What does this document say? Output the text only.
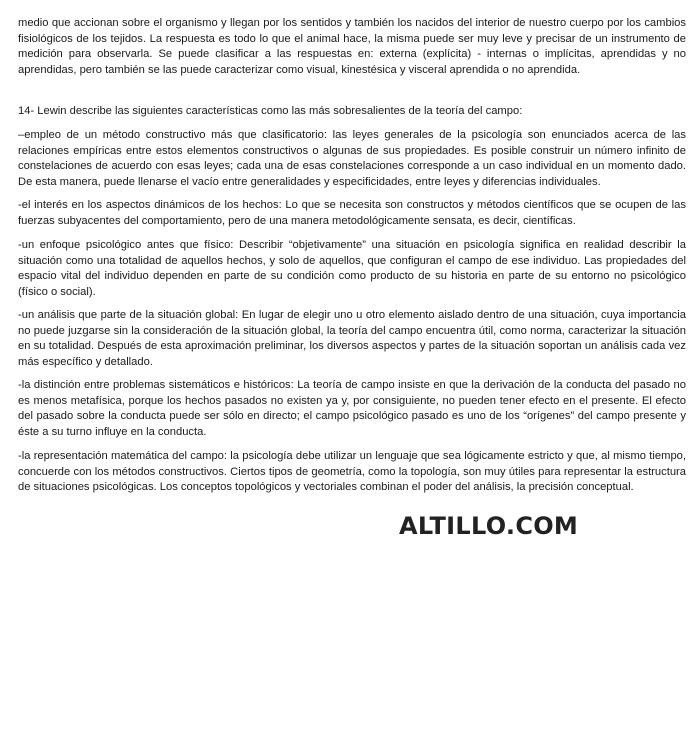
medio que accionan sobre el organismo y llegan por los sentidos y también los nacidos del interior de nuestro cuerpo por los cambios fisiológicos de los tejidos. La respuesta es todo lo que el animal hace, la misma puede ser muy leve y precisar de un instrumento de medición para observarla. Se puede clasificar a las respuestas en: externa (explícita) - internas o implícitas, aprendidas y no aprendidas, pero también se las puede caracterizar como visual, kinestésica y visceral aprendida o no aprendida.

14- Lewin describe las siguientes características como las más sobresalientes de la teoría del campo:

–empleo de un método constructivo más que clasificatorio: las leyes generales de la psicología son enunciados acerca de las relaciones empíricas entre estos elementos constructivos o algunas de sus propiedades. Es posible construir un número infinito de constelaciones de acuerdo con esas leyes; cada una de esas constelaciones corresponde a un caso individual en un momento dado. De esta manera, puede llenarse el vacío entre generalidades y especificidades, entre leyes y diferencias individuales.

-el interés en los aspectos dinámicos de los hechos: Lo que se necesita son constructos y métodos científicos que se ocupen de las fuerzas subyacentes del comportamiento, pero de una manera metodológicamente sensata, es decir, científicas.

-un enfoque psicológico antes que físico: Describir “objetivamente” una situación en psicología significa en realidad describir la situación como una totalidad de aquellos hechos, y solo de aquellos, que configuran el campo de ese individuo. Las propiedades del espacio vital del individuo dependen en parte de su condición como producto de su historia en parte de su entorno no psicológico (físico o social).

-un análisis que parte de la situación global: En lugar de elegir uno u otro elemento aislado dentro de una situación, cuya importancia no puede juzgarse sin la consideración de la situación global, la teoría del campo encuentra útil, como norma, caracterizar la situación en su totalidad. Después de esta aproximación preliminar, los diversos aspectos y partes de la situación soportan un análisis cada vez más específico y detallado.

-la distinción entre problemas sistemáticos e históricos: La teoría de campo insiste en que la derivación de la conducta del pasado no es menos metafísica, porque los hechos pasados no existen ya y, por consiguiente, no pueden tener efecto en el presente. El efecto del pasado sobre la conducta puede ser sólo en directo; el campo psicológico pasado es uno de los “orígenes” del campo presente y éste a su turno influye en la conducta.

-la representación matemática del campo: la psicología debe utilizar un lenguaje que sea lógicamente estricto y que, al mismo tiempo, concuerde con los métodos constructivos. Ciertos tipos de geometría, como la topología, son muy útiles para representar la estructura de situaciones psicológicas. Los conceptos topológicos y vectoriales combinan el poder del análisis, la precisión conceptual.

ALTILLO.COM
